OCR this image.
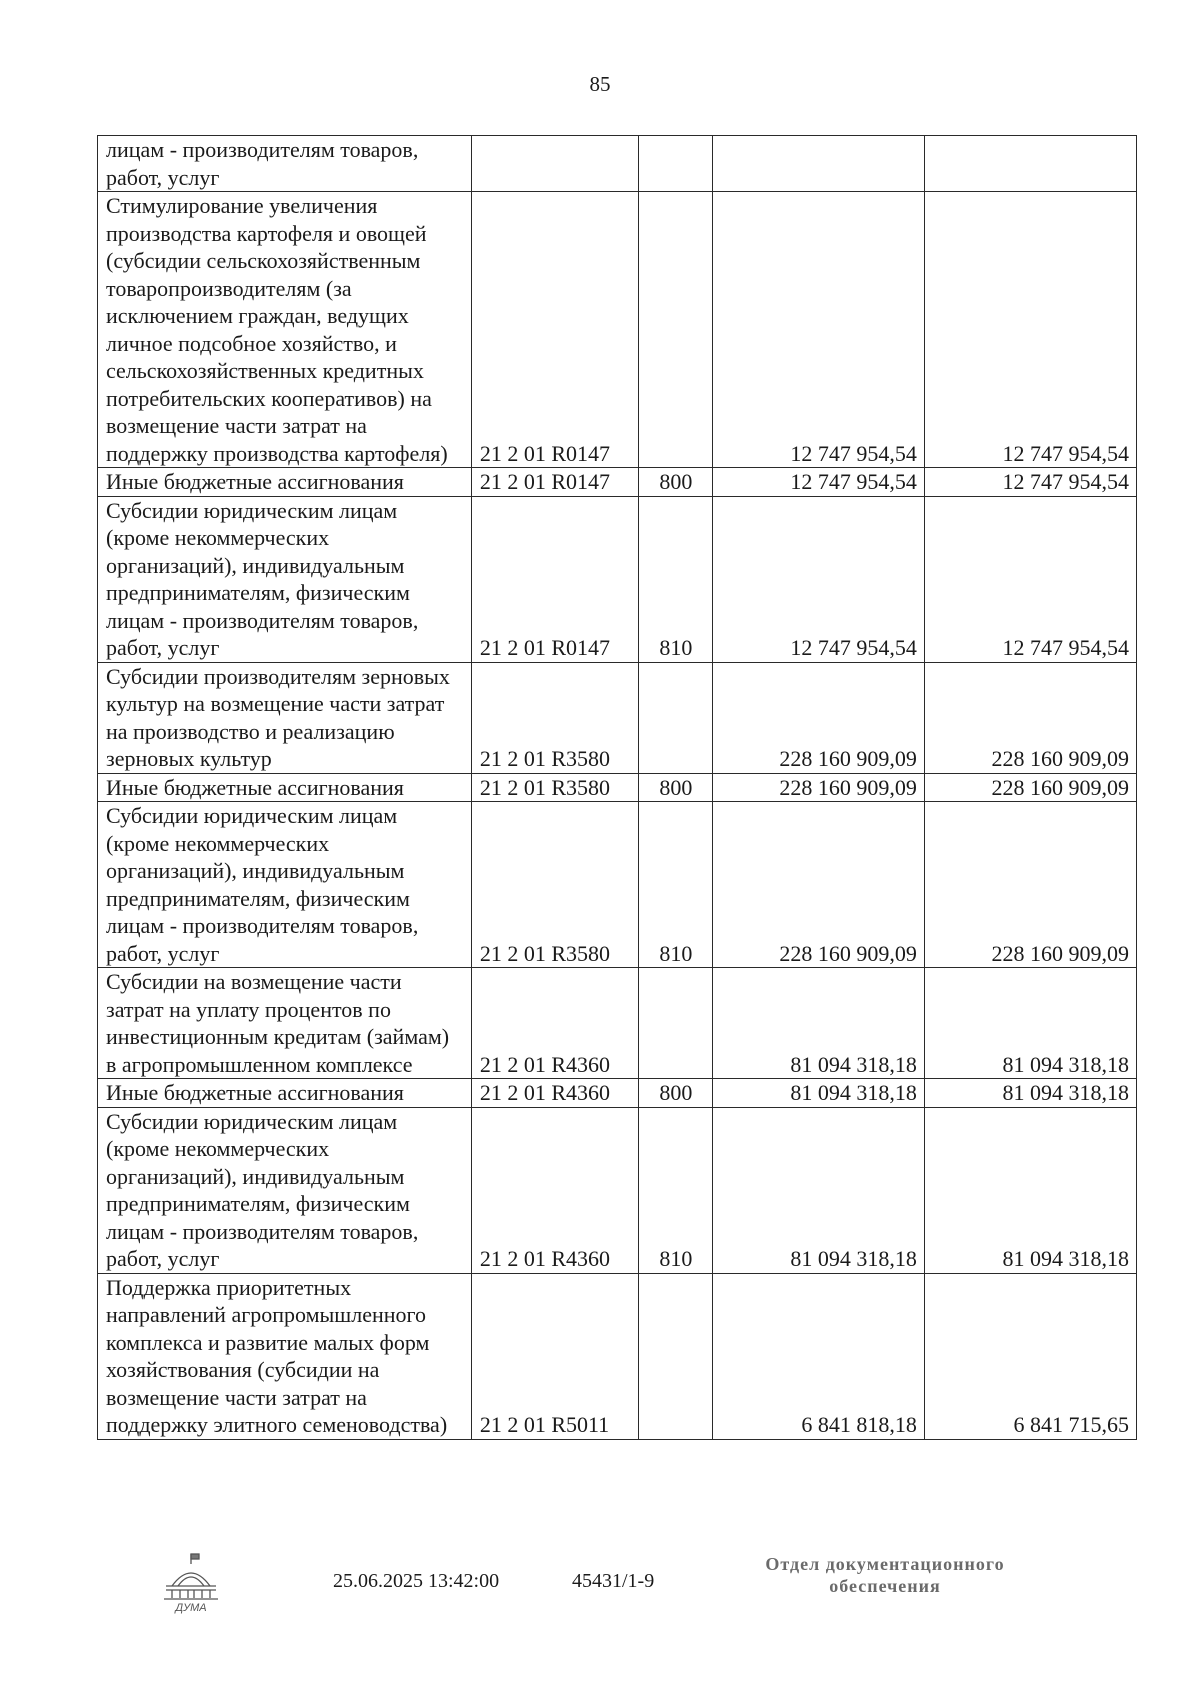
85
лицам - производителям товаров, работ, услуг				
Стимулирование увеличения производства картофеля и овощей (субсидии сельскохозяйственным товаропроизводителям (за исключением граждан, ведущих личное подсобное хозяйство, и сельскохозяйственных кредитных потребительских кооперативов) на возмещение части затрат на поддержку производства картофеля)	21 2 01 R0147		12 747 954,54	12 747 954,54
Иные бюджетные ассигнования	21 2 01 R0147	800	12 747 954,54	12 747 954,54
Субсидии юридическим лицам (кроме некоммерческих организаций), индивидуальным предпринимателям, физическим лицам - производителям товаров, работ, услуг	21 2 01 R0147	810	12 747 954,54	12 747 954,54
Субсидии производителям зерновых культур на возмещение части затрат на производство и реализацию зерновых культур	21 2 01 R3580		228 160 909,09	228 160 909,09
Иные бюджетные ассигнования	21 2 01 R3580	800	228 160 909,09	228 160 909,09
Субсидии юридическим лицам (кроме некоммерческих организаций), индивидуальным предпринимателям, физическим лицам - производителям товаров, работ, услуг	21 2 01 R3580	810	228 160 909,09	228 160 909,09
Субсидии на возмещение части затрат на уплату процентов по инвестиционным кредитам (займам) в агропромышленном комплексе	21 2 01 R4360		81 094 318,18	81 094 318,18
Иные бюджетные ассигнования	21 2 01 R4360	800	81 094 318,18	81 094 318,18
Субсидии юридическим лицам (кроме некоммерческих организаций), индивидуальным предпринимателям, физическим лицам - производителям товаров, работ, услуг	21 2 01 R4360	810	81 094 318,18	81 094 318,18
Поддержка приоритетных направлений агропромышленного комплекса и развитие малых форм хозяйствования (субсидии на возмещение части затрат на поддержку элитного семеноводства)	21 2 01 R5011		6 841 818,18	6 841 715,65
ДУМА
25.06.2025 13:42:00	45431/1-9
Отдел документационного
обеспечения
